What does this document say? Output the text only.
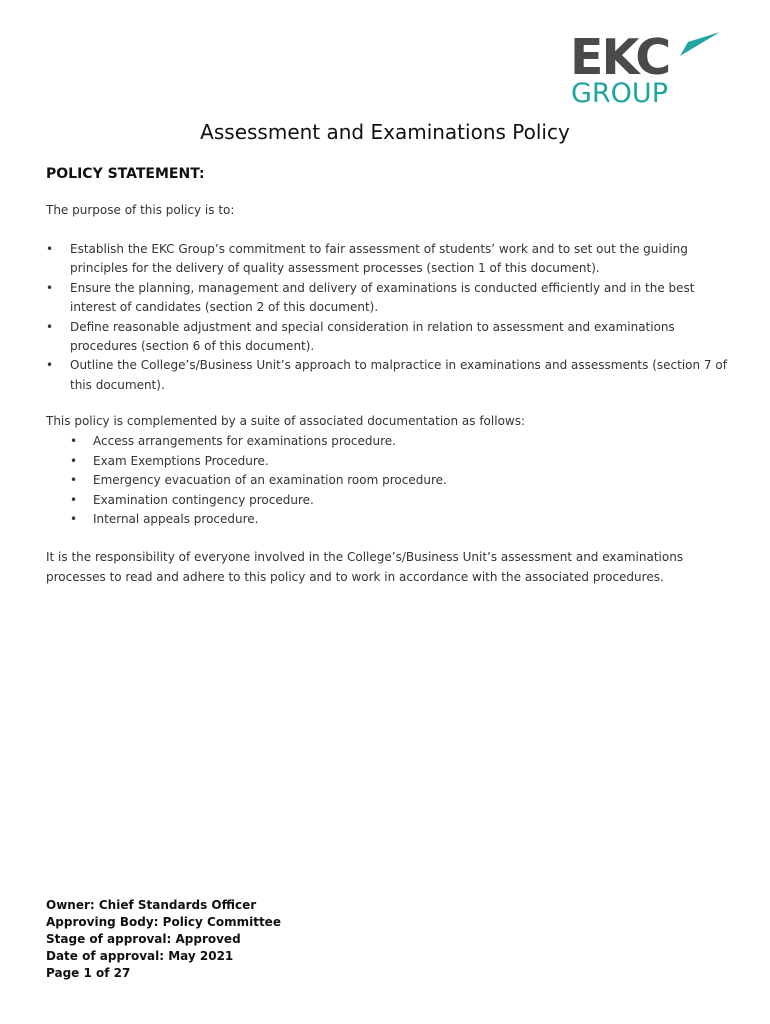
EKC
GROUP
Assessment and Examinations Policy
POLICY STATEMENT:

The purpose of this policy is to:

• Establish the EKC Group’s commitment to fair assessment of students’ work and to set out the guiding principles for the delivery of quality assessment processes (section 1 of this document).
• Ensure the planning, management and delivery of examinations is conducted efficiently and in the best interest of candidates (section 2 of this document).
• Define reasonable adjustment and special consideration in relation to assessment and examinations procedures (section 6 of this document).
• Outline the College’s/Business Unit’s approach to malpractice in examinations and assessments (section 7 of this document).

This policy is complemented by a suite of associated documentation as follows:

• Access arrangements for examinations procedure.
• Exam Exemptions Procedure.
• Emergency evacuation of an examination room procedure.
• Examination contingency procedure.
• Internal appeals procedure.

It is the responsibility of everyone involved in the College’s/Business Unit’s assessment and examinations processes to read and adhere to this policy and to work in accordance with the associated procedures.

Owner: Chief Standards Officer
Approving Body: Policy Committee
Stage of approval: Approved
Date of approval: May 2021
Page 1 of 27
